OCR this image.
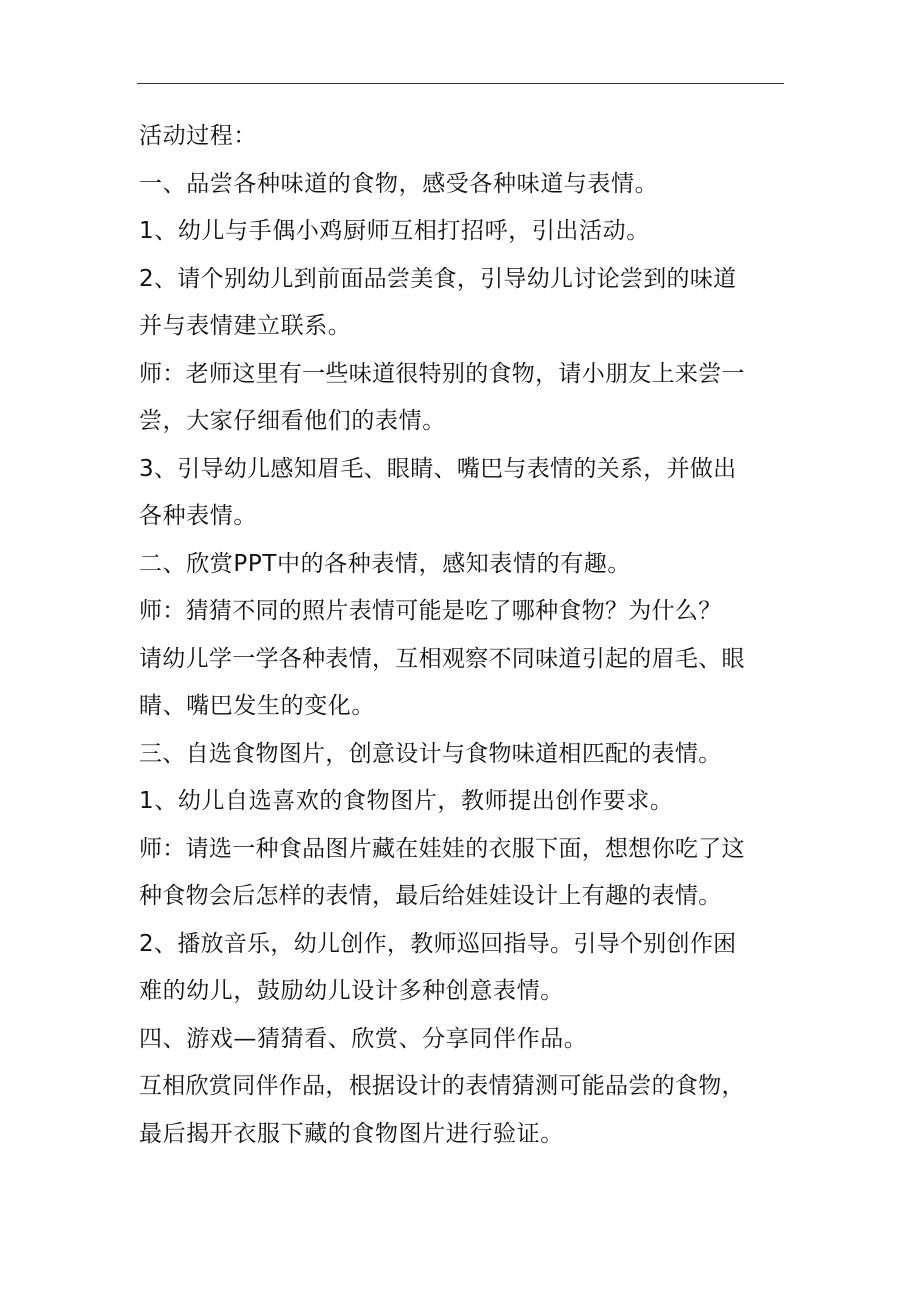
活动过程：

一、品尝各种味道的食物，感受各种味道与表情。

1、幼儿与手偶小鸡厨师互相打招呼，引出活动。

2、请个别幼儿到前面品尝美食，引导幼儿讨论尝到的味道

并与表情建立联系。

师：老师这里有一些味道很特别的食物，请小朋友上来尝一

尝，大家仔细看他们的表情。

3、引导幼儿感知眉毛、眼睛、嘴巴与表情的关系，并做出

各种表情。

二、欣赏PPT中的各种表情，感知表情的有趣。

师：猜猜不同的照片表情可能是吃了哪种食物？为什么？

请幼儿学一学各种表情，互相观察不同味道引起的眉毛、眼

睛、嘴巴发生的变化。

三、自选食物图片，创意设计与食物味道相匹配的表情。

1、幼儿自选喜欢的食物图片，教师提出创作要求。

师：请选一种食品图片藏在娃娃的衣服下面，想想你吃了这

种食物会后怎样的表情，最后给娃娃设计上有趣的表情。

2、播放音乐，幼儿创作，教师巡回指导。引导个别创作困

难的幼儿，鼓励幼儿设计多种创意表情。

四、游戏—猜猜看、欣赏、分享同伴作品。

互相欣赏同伴作品，根据设计的表情猜测可能品尝的食物，

最后揭开衣服下藏的食物图片进行验证。
